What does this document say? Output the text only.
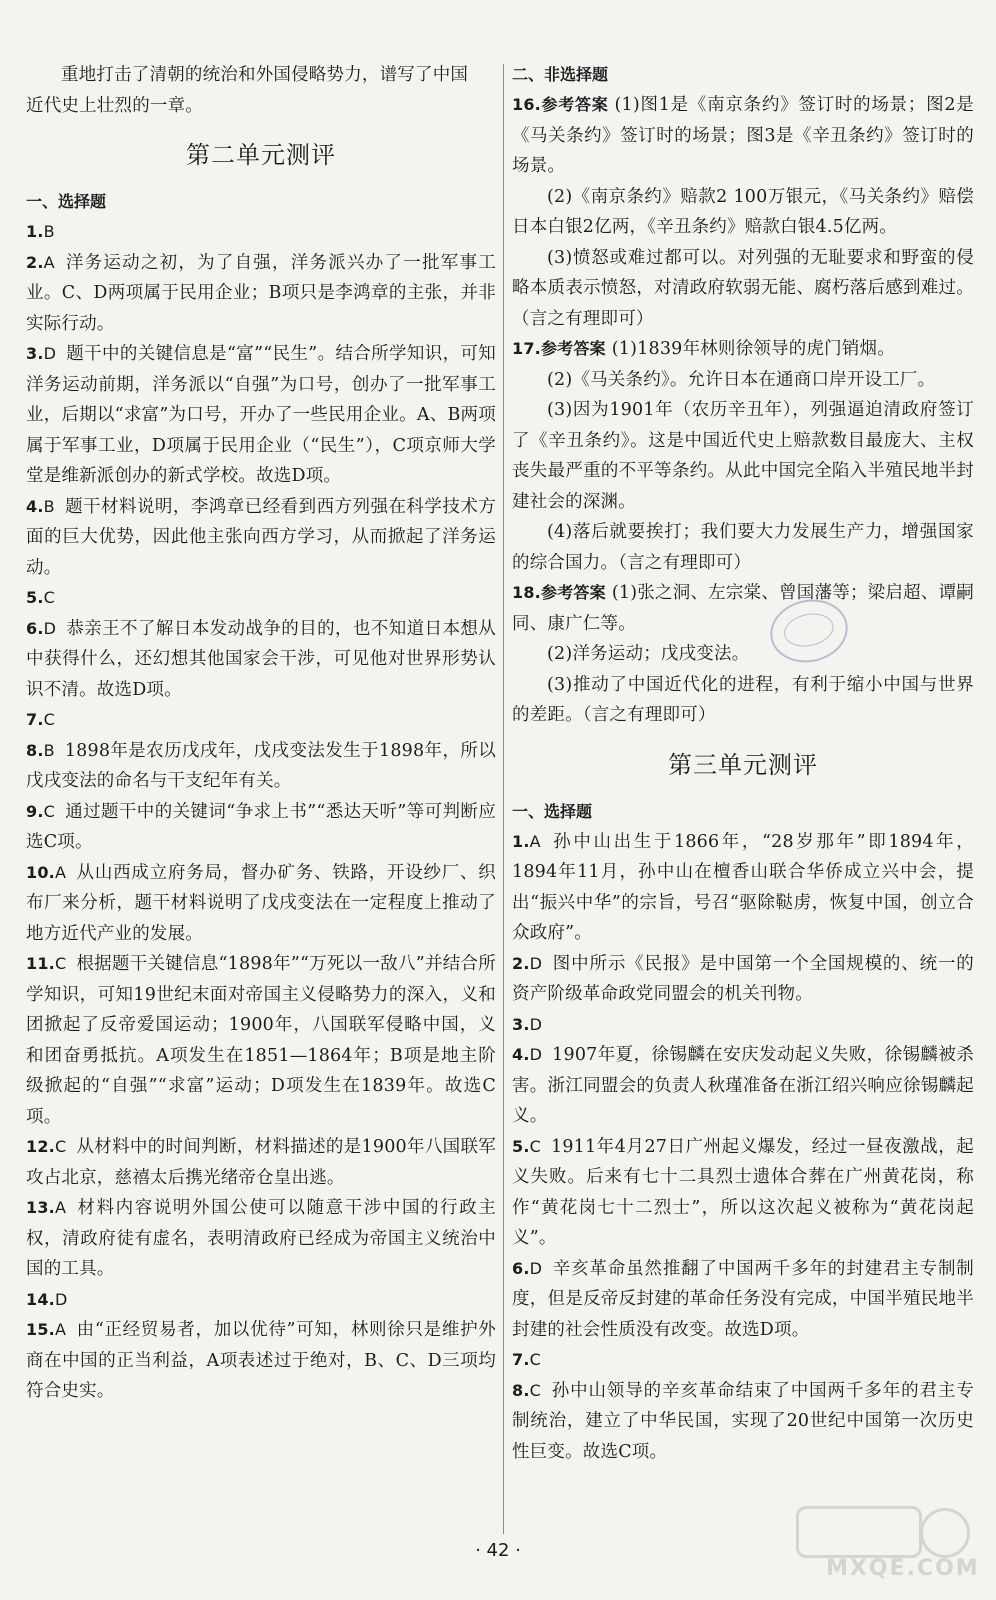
重地打击了清朝的统治和外国侵略势力，谱写了中国

近代史上壮烈的一章。

第二单元测评

一、选择题

1.B

2.A 洋务运动之初，为了自强，洋务派兴办了一批军事工业。C、D两项属于民用企业；B项只是李鸿章的主张，并非实际行动。

3.D 题干中的关键信息是“富”“民生”。结合所学知识，可知洋务运动前期，洋务派以“自强”为口号，创办了一批军事工业，后期以“求富”为口号，开办了一些民用企业。A、B两项属于军事工业，D项属于民用企业（“民生”），C项京师大学堂是维新派创办的新式学校。故选D项。

4.B 题干材料说明，李鸿章已经看到西方列强在科学技术方面的巨大优势，因此他主张向西方学习，从而掀起了洋务运动。

5.C

6.D 恭亲王不了解日本发动战争的目的，也不知道日本想从中获得什么，还幻想其他国家会干涉，可见他对世界形势认识不清。故选D项。

7.C

8.B 1898年是农历戊戌年，戊戌变法发生于1898年，所以戊戌变法的命名与干支纪年有关。

9.C 通过题干中的关键词“争求上书”“悉达天听”等可判断应选C项。

10.A 从山西成立府务局，督办矿务、铁路，开设纱厂、织布厂来分析，题干材料说明了戊戌变法在一定程度上推动了地方近代产业的发展。

11.C 根据题干关键信息“1898年”“万死以一敌八”并结合所学知识，可知19世纪末面对帝国主义侵略势力的深入，义和团掀起了反帝爱国运动；1900年，八国联军侵略中国，义和团奋勇抵抗。A项发生在1851—1864年；B项是地主阶级掀起的“自强”“求富”运动；D项发生在1839年。故选C项。

12.C 从材料中的时间判断，材料描述的是1900年八国联军攻占北京，慈禧太后携光绪帝仓皇出逃。

13.A 材料内容说明外国公使可以随意干涉中国的行政主权，清政府徒有虚名，表明清政府已经成为帝国主义统治中国的工具。

14.D

15.A 由“正经贸易者，加以优待”可知，林则徐只是维护外商在中国的正当利益，A项表述过于绝对，B、C、D三项均符合史实。

二、非选择题

16.参考答案 (1)图1是《南京条约》签订时的场景；图2是《马关条约》签订时的场景；图3是《辛丑条约》签订时的场景。

(2)《南京条约》赔款2 100万银元，《马关条约》赔偿日本白银2亿两，《辛丑条约》赔款白银4.5亿两。

(3)愤怒或难过都可以。对列强的无耻要求和野蛮的侵略本质表示愤怒，对清政府软弱无能、腐朽落后感到难过。（言之有理即可）

17.参考答案 (1)1839年林则徐领导的虎门销烟。

(2)《马关条约》。允许日本在通商口岸开设工厂。

(3)因为1901年（农历辛丑年），列强逼迫清政府签订了《辛丑条约》。这是中国近代史上赔款数目最庞大、主权丧失最严重的不平等条约。从此中国完全陷入半殖民地半封建社会的深渊。

(4)落后就要挨打；我们要大力发展生产力，增强国家的综合国力。（言之有理即可）

18.参考答案 (1)张之洞、左宗棠、曾国藩等；梁启超、谭嗣同、康广仁等。

(2)洋务运动；戊戌变法。

(3)推动了中国近代化的进程，有利于缩小中国与世界的差距。（言之有理即可）

第三单元测评

一、选择题

1.A 孙中山出生于1866年，“28岁那年”即1894年，1894年11月，孙中山在檀香山联合华侨成立兴中会，提出“振兴中华”的宗旨，号召“驱除鞑虏，恢复中国，创立合众政府”。

2.D 图中所示《民报》是中国第一个全国规模的、统一的资产阶级革命政党同盟会的机关刊物。

3.D

4.D 1907年夏，徐锡麟在安庆发动起义失败，徐锡麟被杀害。浙江同盟会的负责人秋瑾准备在浙江绍兴响应徐锡麟起义。

5.C 1911年4月27日广州起义爆发，经过一昼夜激战，起义失败。后来有七十二具烈士遗体合葬在广州黄花岗，称作“黄花岗七十二烈士”，所以这次起义被称为“黄花岗起义”。

6.D 辛亥革命虽然推翻了中国两千多年的封建君主专制制度，但是反帝反封建的革命任务没有完成，中国半殖民地半封建的社会性质没有改变。故选D项。

7.C

8.C 孙中山领导的辛亥革命结束了中国两千多年的君主专制统治，建立了中华民国，实现了20世纪中国第一次历史性巨变。故选C项。

· 42 ·
MXQE.COM
